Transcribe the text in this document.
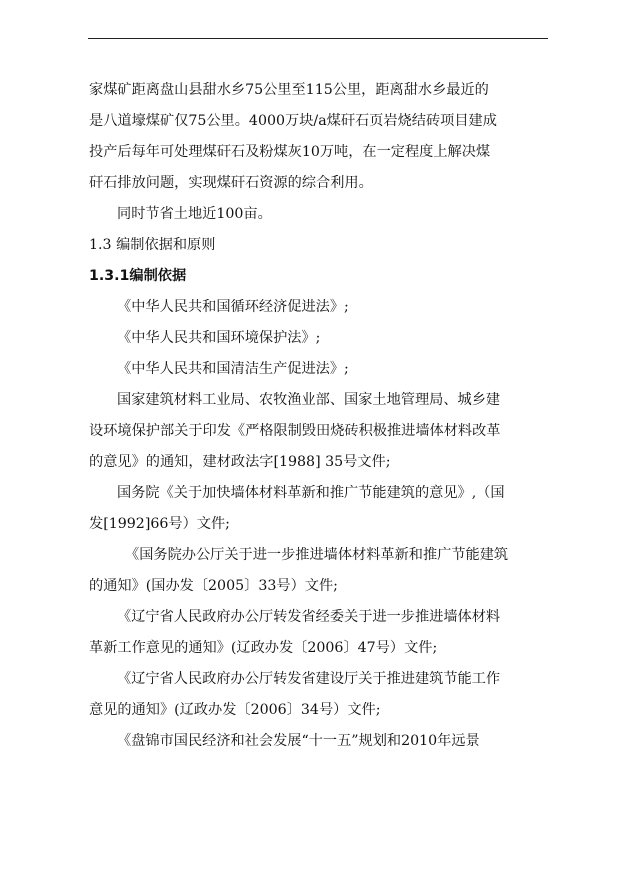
家煤矿距离盘山县甜水乡75公里至115公里，距离甜水乡最近的
是八道壕煤矿仅75公里。4000万块/a煤矸石页岩烧结砖项目建成
投产后每年可处理煤矸石及粉煤灰10万吨，在一定程度上解决煤
矸石排放问题，实现煤矸石资源的综合利用。
同时节省土地近100亩。
1.3 编制依据和原则
1.3.1编制依据
《中华人民共和国循环经济促进法》;
《中华人民共和国环境保护法》;
《中华人民共和国清洁生产促进法》;
国家建筑材料工业局、农牧渔业部、国家土地管理局、城乡建
设环境保护部关于印发《严格限制毁田烧砖积极推进墙体材料改革
的意见》的通知，建材政法字[1988] 35号文件;
国务院《关于加快墙体材料革新和推广节能建筑的意见》,（国
发[1992]66号）文件;
《国务院办公厅关于进一步推进墙体材料革新和推广节能建筑
的通知》(国办发〔2005〕33号）文件;
《辽宁省人民政府办公厅转发省经委关于进一步推进墙体材料
革新工作意见的通知》(辽政办发〔2006〕47号）文件;
《辽宁省人民政府办公厅转发省建设厅关于推进建筑节能工作
意见的通知》(辽政办发〔2006〕34号）文件;
《盘锦市国民经济和社会发展“十一五”规划和2010年远景
